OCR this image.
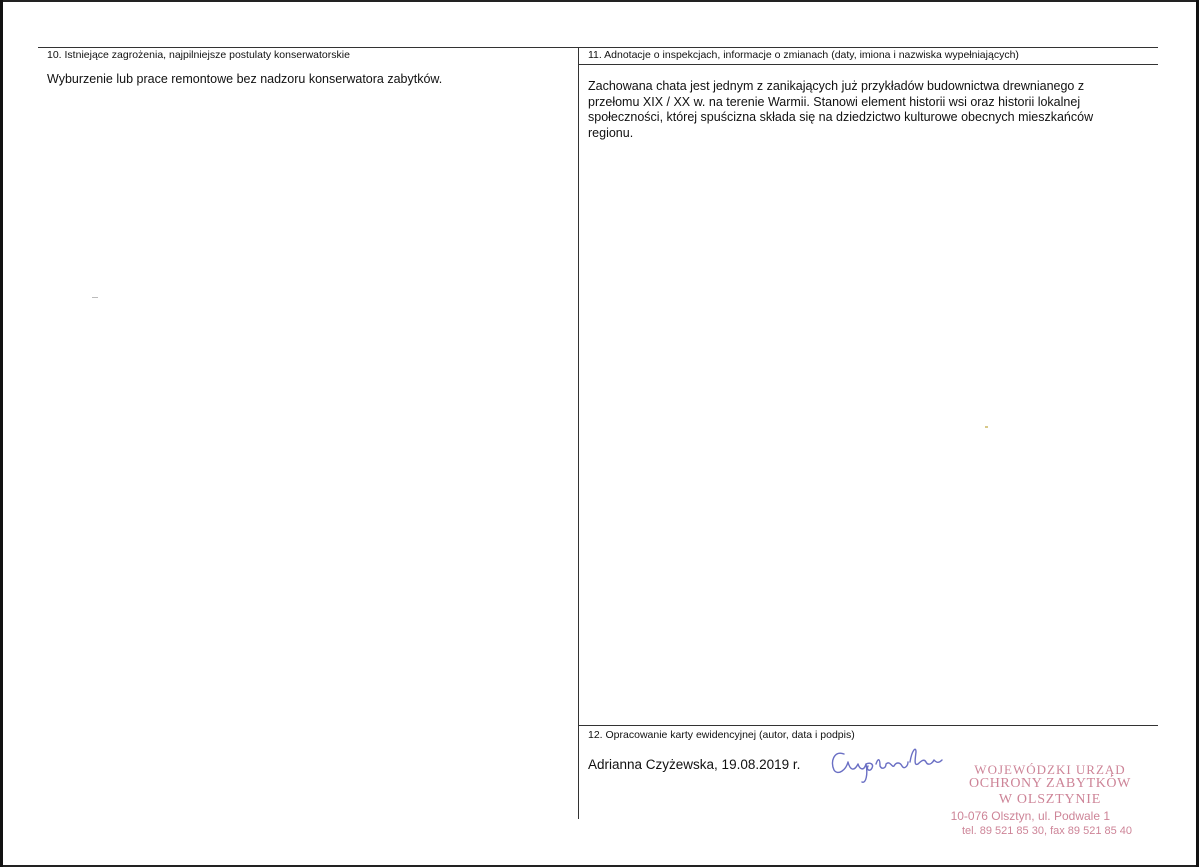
10. Istniejące zagrożenia, najpilniejsze postulaty konserwatorskie
Wyburzenie lub prace remontowe bez nadzoru konserwatora zabytków.
11. Adnotacje o inspekcjach, informacje o zmianach (daty, imiona i nazwiska wypełniających)
Zachowana chata jest jednym z zanikających już przykładów budownictwa drewnianego z
przełomu XIX / XX w. na terenie Warmii. Stanowi element historii wsi oraz historii lokalnej
społeczności, której spuścizna składa się na dziedzictwo kulturowe obecnych mieszkańców
regionu.
12. Opracowanie karty ewidencyjnej (autor, data i podpis)
Adrianna Czyżewska, 19.08.2019 r.	WOJEWÓDZKI URZĄD
OCHRONY ZABYTKÓW
W OLSZTYNIE
10-076 Olsztyn, ul. Podwale 1
tel. 89 521 85 30, fax 89 521 85 40
